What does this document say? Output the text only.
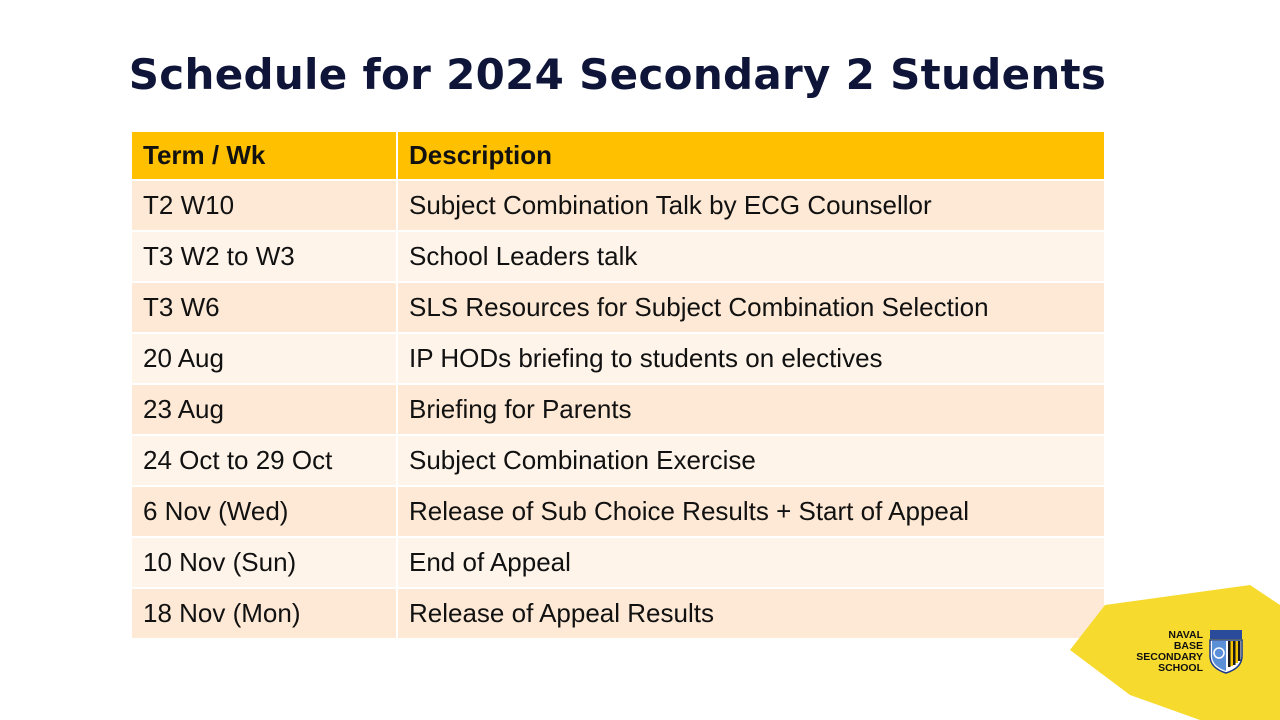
Schedule for 2024 Secondary 2 Students
Term / Wk	Description
T2 W10	Subject Combination Talk by ECG Counsellor
T3 W2 to W3	School Leaders talk
T3 W6	SLS Resources for Subject Combination Selection
20 Aug	IP HODs briefing to students on electives
23 Aug	Briefing for Parents
24 Oct to 29 Oct	Subject Combination Exercise
6 Nov (Wed)	Release of Sub Choice Results + Start of Appeal
10 Nov (Sun)	End of Appeal
18 Nov (Mon)	Release of Appeal Results
NAVAL
BASE
SECONDARY
SCHOOL
